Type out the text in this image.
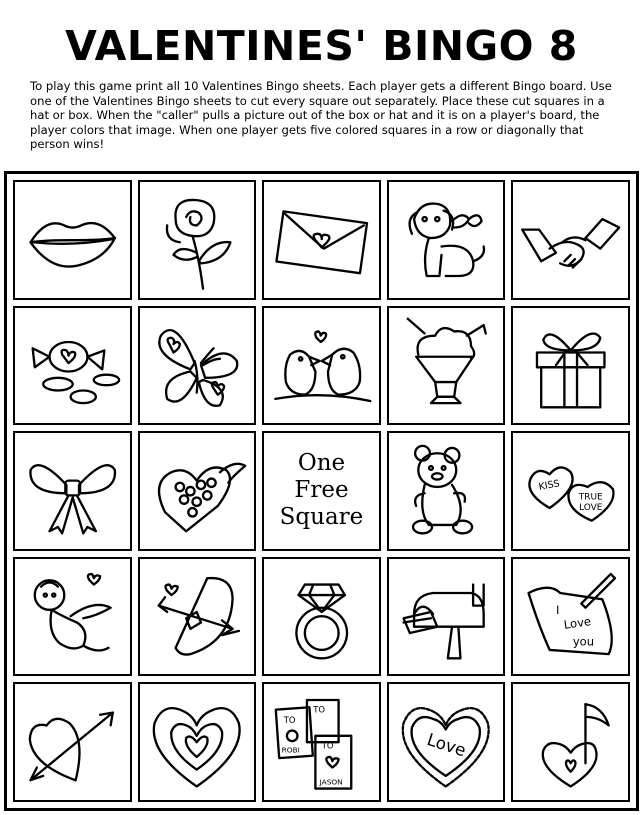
VALENTINES' BINGO 8

To play this game print all 10 Valentines Bingo sheets. Each player gets a different Bingo board. Use one of the Valentines Bingo sheets to cut every square out separately. Place these cut squares in a hat or box. When the "caller" pulls a picture out of the box or hat and it is on a player's board, the player colors that image. When one player gets five colored squares in a row or diagonally that person wins!

One
Free
Square
KISS
TRUE
LOVE
I
Love
you
TO
TO
TO
ROBI
JASON
Love
